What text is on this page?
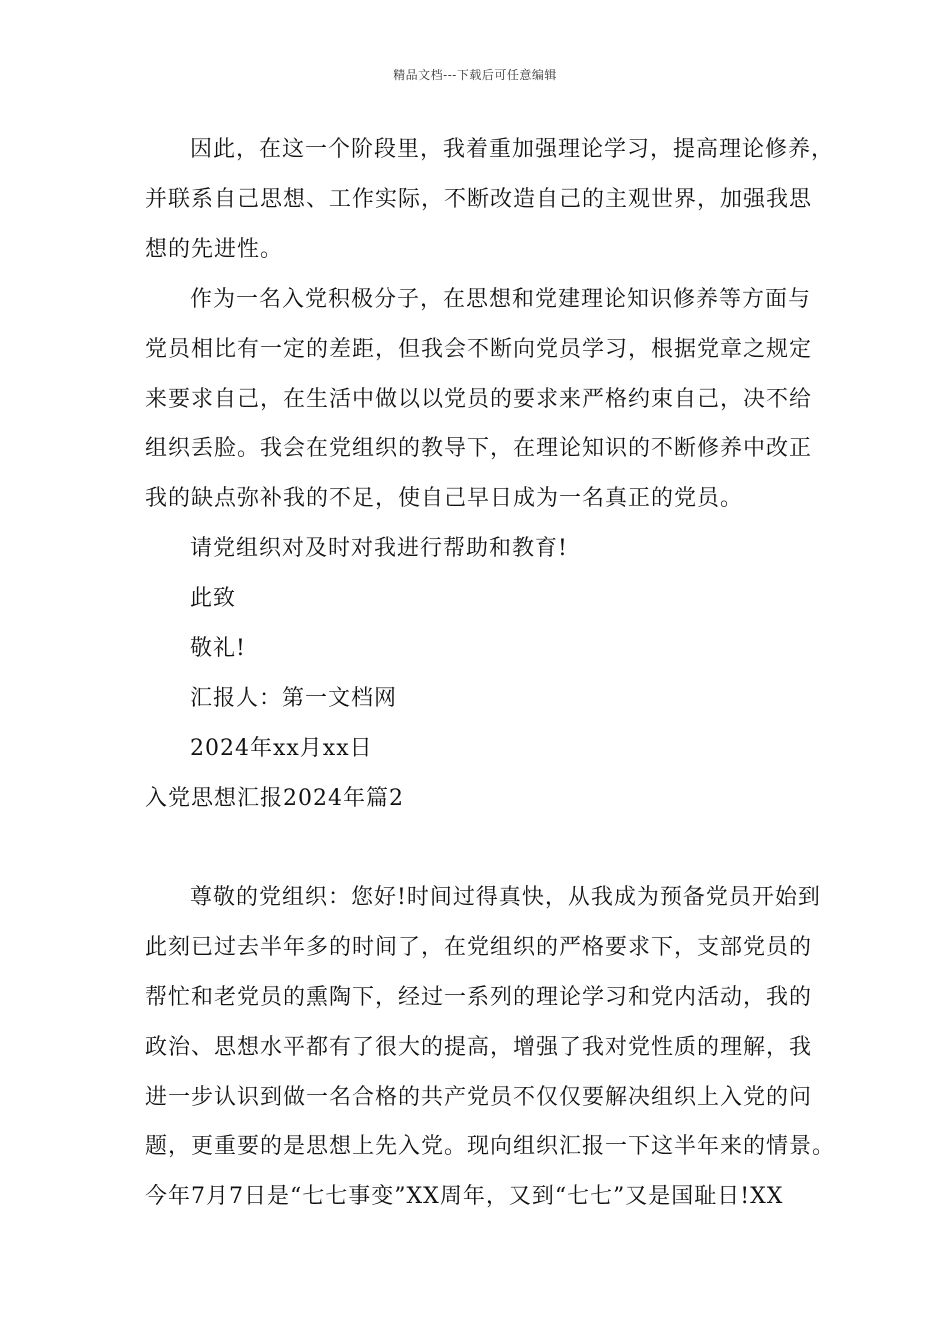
精品文档---下载后可任意编辑
因此，在这一个阶段里，我着重加强理论学习，提高理论修养，
并联系自己思想、工作实际，不断改造自己的主观世界，加强我思
想的先进性。
作为一名入党积极分子，在思想和党建理论知识修养等方面与
党员相比有一定的差距，但我会不断向党员学习，根据党章之规定
来要求自己，在生活中做以以党员的要求来严格约束自己，决不给
组织丢脸。我会在党组织的教导下，在理论知识的不断修养中改正
我的缺点弥补我的不足，使自己早日成为一名真正的党员。
请党组织对及时对我进行帮助和教育!
此致
敬礼!
汇报人：第一文档网
2024年xx月xx日
入党思想汇报2024年篇2
尊敬的党组织：您好!时间过得真快，从我成为预备党员开始到
此刻已过去半年多的时间了，在党组织的严格要求下，支部党员的
帮忙和老党员的熏陶下，经过一系列的理论学习和党内活动，我的
政治、思想水平都有了很大的提高，增强了我对党性质的理解，我
进一步认识到做一名合格的共产党员不仅仅要解决组织上入党的问
题，更重要的是思想上先入党。现向组织汇报一下这半年来的情景。
今年7月7日是“七七事变”XX周年，又到“七七”又是国耻日!XX
